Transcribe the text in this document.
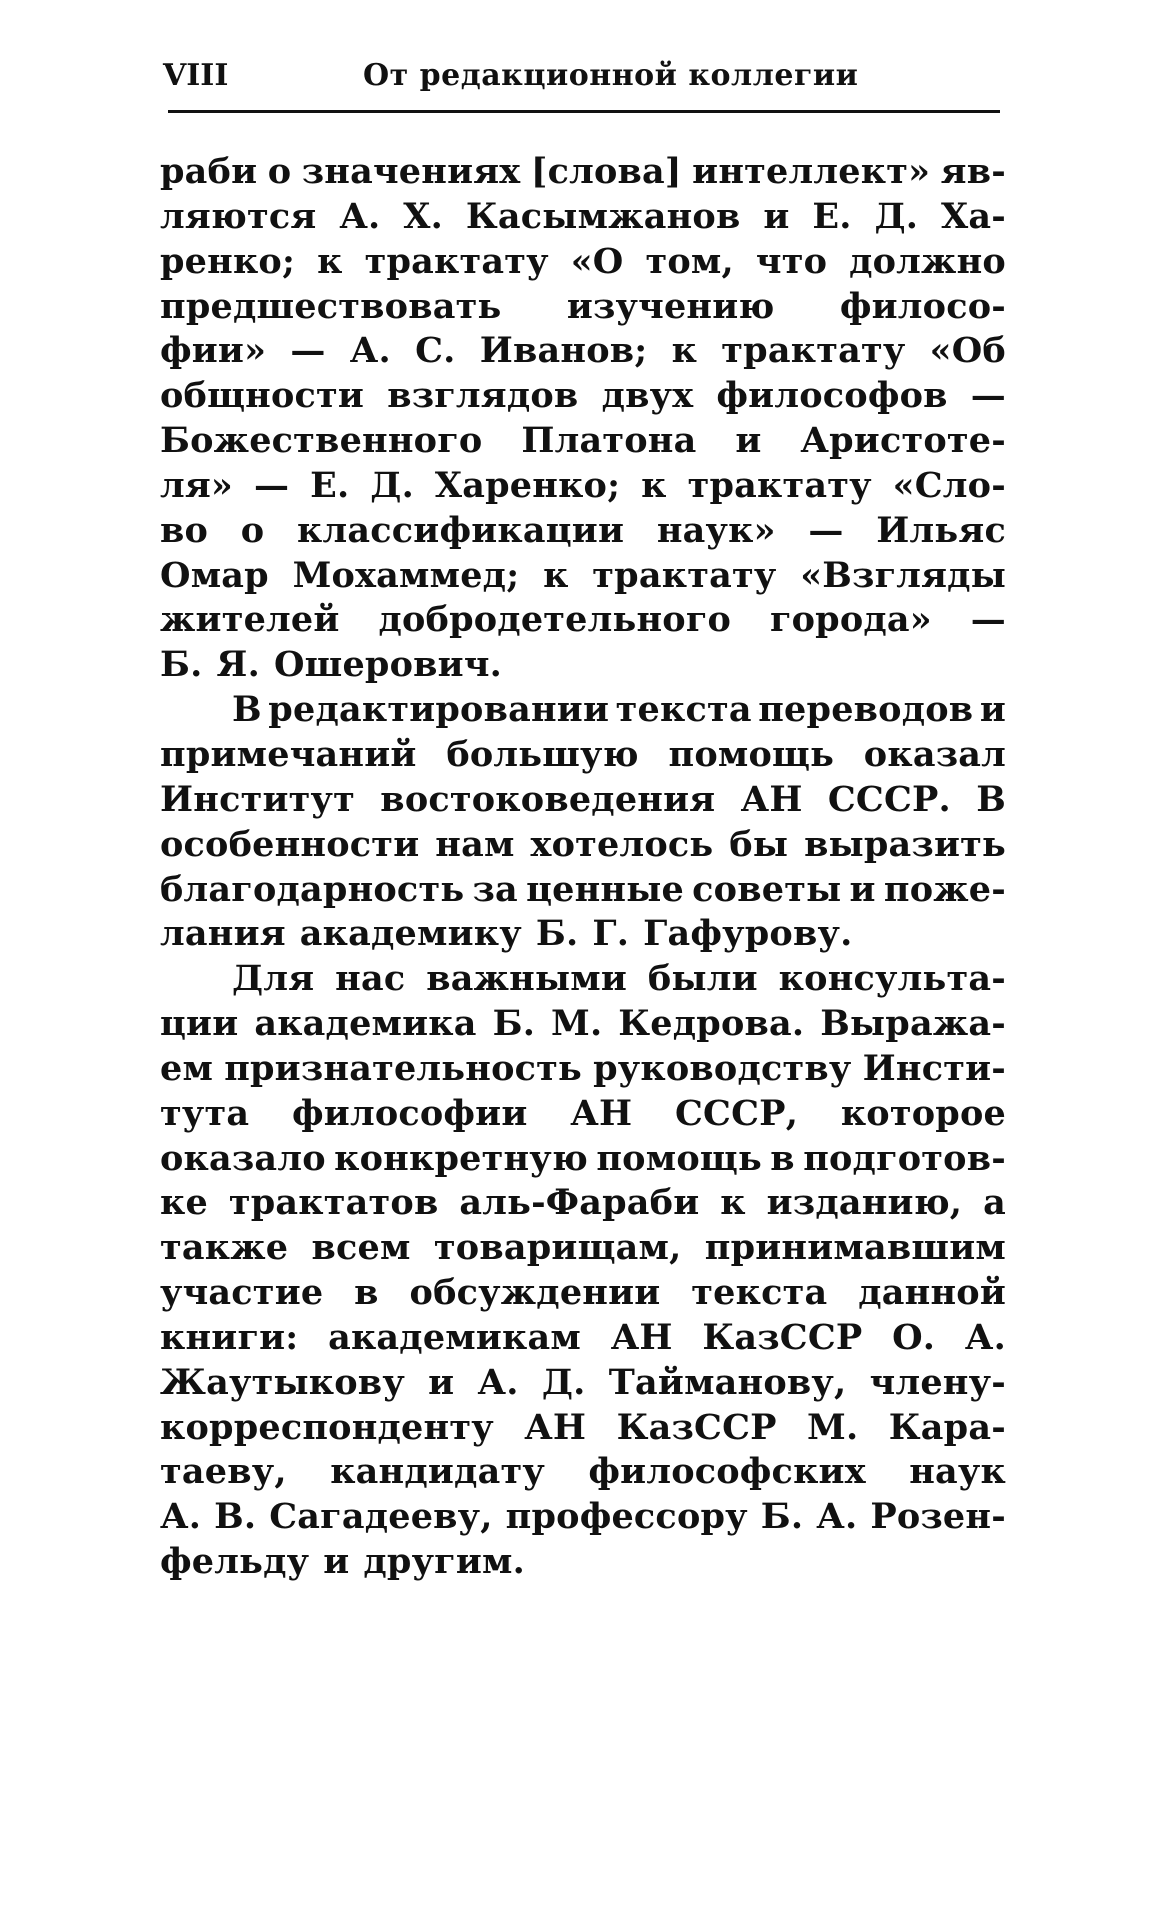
VIII	От редакционной коллегии
раби о значениях [слова] интеллект» яв-
ляются А. Х. Касымжанов и Е. Д. Ха-
ренко; к трактату «О том, что должно
предшествовать изучению филосо-
фии» — А. С. Иванов; к трактату «Об
общности взглядов двух философов —
Божественного Платона и Аристоте-
ля» — Е. Д. Харенко; к трактату «Сло-
во о классификации наук» — Ильяс
Омар Мохаммед; к трактату «Взгляды
жителей добродетельного города» —
Б. Я. Ошерович.
В редактировании текста переводов и
примечаний большую помощь оказал
Институт востоковедения АН СССР. В
особенности нам хотелось бы выразить
благодарность за ценные советы и поже-
лания академику Б. Г. Гафурову.
Для нас важными были консульта-
ции академика Б. М. Кедрова. Выража-
ем признательность руководству Инсти-
тута философии АН СССР, которое
оказало конкретную помощь в подготов-
ке трактатов аль-Фараби к изданию, а
также всем товарищам, принимавшим
участие в обсуждении текста данной
книги: академикам АН КазССР О. А.
Жаутыкову и А. Д. Тайманову, члену-
корреспонденту АН КазССР М. Кара-
таеву, кандидату философских наук
А. В. Сагадееву, профессору Б. А. Розен-
фельду и другим.
